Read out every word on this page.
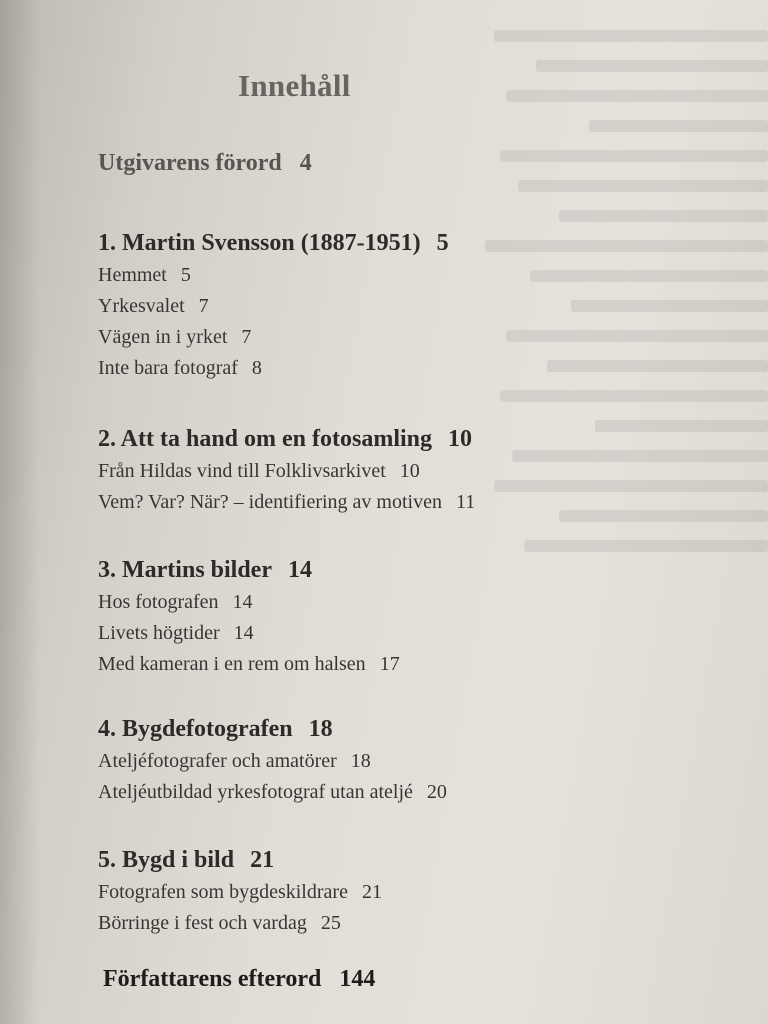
Innehåll
Utgivarens förord 4
1. Martin Svensson (1887-1951) 5
Hemmet 5
Yrkesvalet 7
Vägen in i yrket 7
Inte bara fotograf 8
2. Att ta hand om en fotosamling 10
Från Hildas vind till Folklivsarkivet 10
Vem? Var? När? – identifiering av motiven 11
3. Martins bilder 14
Hos fotografen 14
Livets högtider 14
Med kameran i en rem om halsen 17
4. Bygdefotografen 18
Ateljéfotografer och amatörer 18
Ateljéutbildad yrkesfotograf utan ateljé 20
5. Bygd i bild 21
Fotografen som bygdeskildrare 21
Börringe i fest och vardag 25
Författarens efterord 144
